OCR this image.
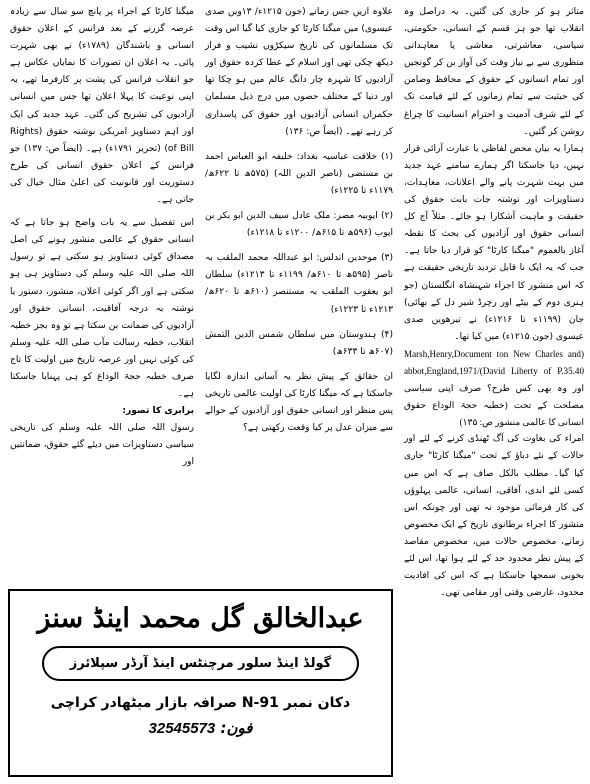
متاثر ہو کر جاری کی گئیں۔ یہ دراصل وہ انقلاب تھا جو ہر قسم کے انسانی، حکومتی، سیاسی، معاشرتی، معاشی یا معاہداتی منظوری سے بے نیاز وقت کی آواز بن کر گونجیں اور تمام انسانوں کے حقوق کے محافظ وضامن کی حیثیت سے تمام زمانوں کے لئے قیامت تک کے لئے شرف آدمیت و احترام انسانیت کا چراغ روشن کر گئیں۔

ہمارا یہ بیان محض لفاظی یا عبارت آرائی قرار نہیں، دیا جاسکتا اگر ہمارے سامنے عہد جدید میں بہت شہرت پانے والے اعلانات، معاہدات، دستاویزات اور نوشتہ جات بابت حقوق کی حقیقت و ماہیت آشکارا ہو جائے۔ مثلاً آج کل انسانی حقوق اور آزادیوں کی بحث کا نقطہ آغاز بالعموم "میگنا کارٹا" کو قرار دیا جاتا ہے۔ جب کہ یہ ایک نا قابل تردید تاریخی حقیقت ہے کہ اس منشور کا اجراء شہنشاہ انگلستان (جو ہنری دوم کے بیٹے اور رچرڈ شیر دل کے بھائی) جان (۱۱۹۹ء تا ۱۲۱۶ء) نے تیرھویں صدی عیسوی (جون ۱۲۱۵ء) میں کیا تھا۔

(Marsh,Henry,Document ton New Charles and David Liberty of P.35.40)/abbot,England,1971 اور وہ بھی کس طرح؟ صرف اپنی سیاسی مصلحت کے تحت (خطبہ حجۃ الوداع حقوق انسانی کا عالمی منشور ص: ۱۳۵)

امراء کی بغاوت کی آگ ٹھنڈی کرنے کے لئے اور حالات کے نئے دباؤ کے تحت "میگنا کارٹا" جاری کیا گیا۔ مطلب بالکل صاف ہے کہ اس میں کسی لئے ابدی، آفاقی، انسانی، عالمی پہلوؤں کی کار فرمائی موجود نہ تھی اور چونکہ اس منشور کا اجراء برطانوی تاریخ کے ایک مخصوص زمانے، مخصوص حالات میں، مخصوص مقاصد کے پیش نظر محدود حد کے لئے ہوا تھا، اس لئے بخوبی سمجھا جاسکتا ہے کہ اس کی افادیت محدود، عارضی وقتی اور مقامی تھی۔

علاوہ ازیں جس زمانے (جون ۱۲۱۵ء/ ۱۳ویں صدی عیسوی) میں میگنا کارٹا کو جاری کیا گیا اس وقت تک مسلمانوں کی تاریخ سیکڑوں نشیب و فراز دیکھ چکی تھی اور اسلام کے عطا کردہ حقوق اور آزادیوں کا شہرہ چار دانگ عالم میں ہو چکا تھا اور دنیا کے مختلف حصوں میں درج ذیل مسلمان حکمراں انسانی آزادیوں اور حقوق کی پاسداری کر رہے تھے۔ (ایضاً ص: ۱۳۶)

(۱) خلافت عباسیہ بغداد: خلیفہ ابو العباس احمد بن مستضی (ناصر الدین اللہ) (۵۷۵ھ تا ۶۲۲ھ/ ۱۱۷۹ء تا ۱۲۲۵ء)

(۲) ایوبیہ مصر: ملک عادل سیف الدین ابو بکر بن ایوب (۵۹۶ھ تا ۶۱۵ھ/ ۱۲۰۰ء تا ۱۲۱۸ء)

(۳) موحدین اندلس: ابو عبداللہ محمد الملقب بہ ناصر (۵۹۵ھ تا ۶۱۰ھ/ ۱۱۹۹ء تا ۱۲۱۳ء) سلطان ابو یعقوب الملقب بہ مستنصر (۶۱۰ھ تا ۶۲۰ھ/ ۱۲۱۳ء تا ۱۲۲۳ء)

(۴) ہندوستان میں سلطان شمس الدین التمش (۶۰۷ھ تا ۶۳۳ھ)

ان حقائق کے پیش نظر یہ آسانی اندازہ لگایا جاسکتا ہے کہ میگنا کارٹا کی اولیت عالمی تاریخی پس منظر اور انسانی حقوق اور آزادیوں کے حوالے سے میزان عدل پر کیا وقعت رکھتی ہے؟

میگنا کارٹا کے اجراء پر پانچ سو سال سے زیادہ عرصہ گزرنے کے بعد فرانس کے اعلان حقوق انسانی و باشندگان (۱۷۸۹ء) نے بھی شہرت پائی۔ یہ اعلان ان تصورات کا نمایاں عکاس ہے جو انقلاب فرانس کی پشت پر کارفرما تھے، یہ اپنی نوعیت کا پہلا اعلان تھا جس میں انسانی آزادیوں کی تشریح کی گئی۔ عہد جدید کی ایک اور اہم دستاویز امریکی نوشتہ حقوق (Rights of Bill) (تحریر ۱۷۹۱ء) ہے۔ (ایضاً ص: ۱۳۷) جو فرانس کے اعلان حقوق انسانی کی طرح دستوریت اور قانونیت کی اعلیٰ مثال خیال کی جاتی ہے۔

اس تفصیل سے یہ بات واضح ہو جاتا ہے کہ انسانی حقوق کے عالمی منشور ہونے کی اصل مصداق کوئی دستاویز ہو سکتی ہے تو رسول اللہ صلی اللہ علیہ وسلم کی دستاویز ہی ہو سکتی ہے اور اگر کوئی اعلان، منشور، دستور یا نوشتہ بہ درجہ آفاقیت، انسانی حقوق اور آزادیوں کی ضمانت بن سکتا ہے تو وہ بجز خطبہ انقلاب، خطبہ رسالت مآب صلی اللہ علیہ وسلم کی کوئی نہیں اور عرصہ تاریخ میں اولیت کا تاج صرف خطبہ حجۃ الوداع کو ہی پہنایا جاسکتا ہے۔

برابری کا تصور:

رسول اللہ صلی اللہ علیہ وسلم کی تاریخی سیاسی دستاویزات میں دیئے گئے حقوق، ضمانتیں اور

عبدالخالق گل محمد اینڈ سنز
گولڈ اینڈ سلور مرچنٹس اینڈ آرڈر سپلائرز
دکان نمبر N-91 صرافہ بازار میٹھادر کراچی
فون: 32545573
